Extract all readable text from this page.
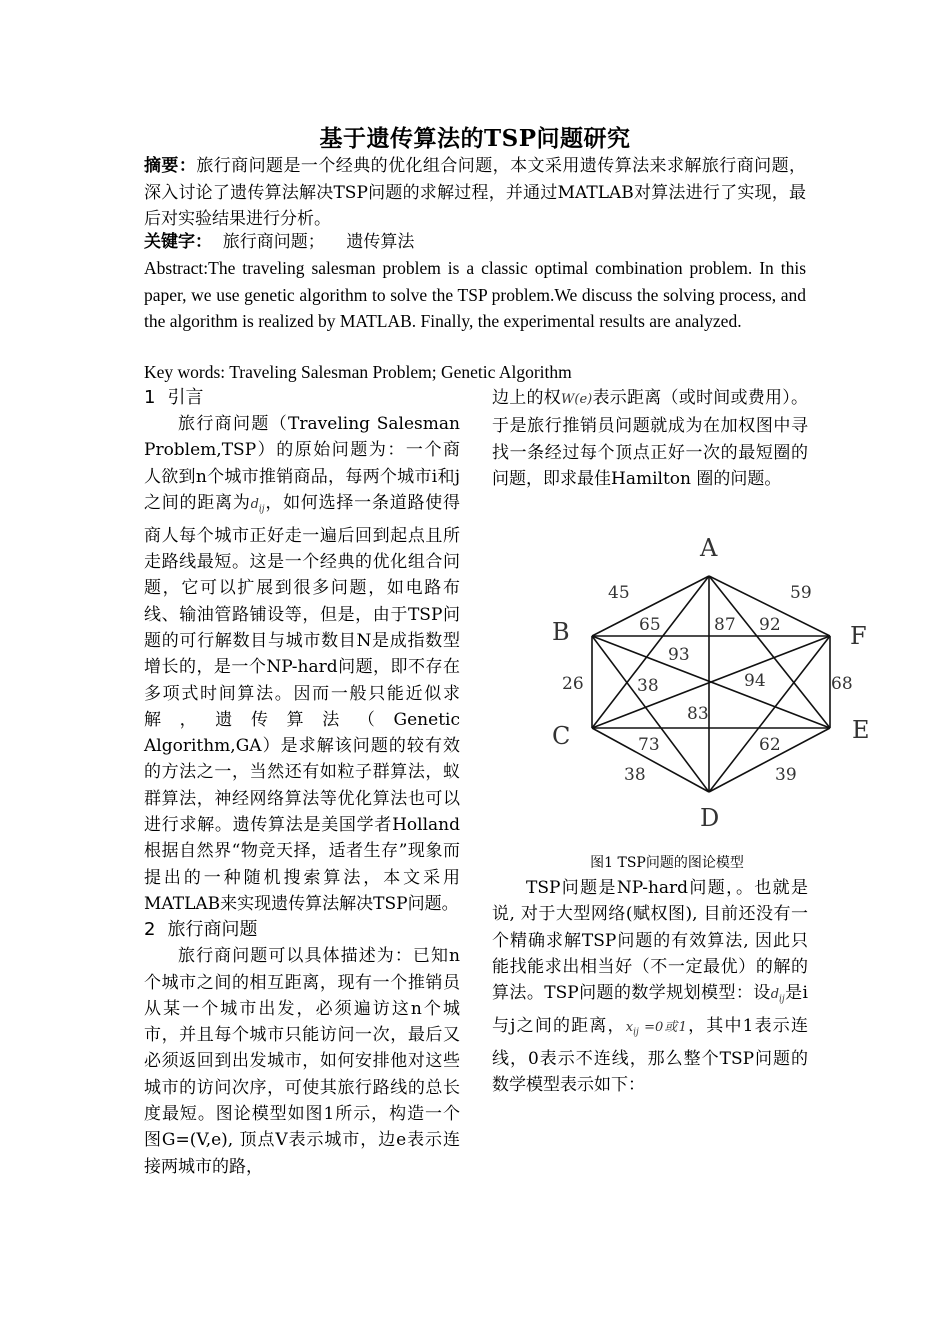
基于遗传算法的TSP问题研究
摘要：旅行商问题是一个经典的优化组合问题，本文采用遗传算法来求解旅行商问题，深入讨论了遗传算法解决TSP问题的求解过程，并通过MATLAB对算法进行了实现，最后对实验结果进行分析。
关键字：  旅行商问题；    遗传算法
Abstract:The traveling salesman problem is a classic optimal combination problem. In this paper, we use genetic algorithm to solve the TSP problem.We discuss the solving process, and the algorithm is realized by MATLAB. Finally, the experimental results are analyzed.
Key words: Traveling Salesman Problem; Genetic Algorithm
1 引言

旅行商问题（Traveling Salesman Problem,TSP）的原始问题为：一个商人欲到n个城市推销商品，每两个城市i和j之间的距离为$d_{ij}$，如何选择一条道路使得商人每个城市正好走一遍后回到起点且所走路线最短。这是一个经典的优化组合问题，它可以扩展到很多问题，如电路布线、输油管路铺设等，但是，由于TSP问题的可行解数目与城市数目N是成指数型增长的，是一个NP-hard问题，即不存在多项式时间算法。因而一般只能近似求解，遗传算法（Genetic Algorithm,GA）是求解该问题的较有效的方法之一，当然还有如粒子群算法，蚁群算法，神经网络算法等优化算法也可以进行求解。遗传算法是美国学者Holland根据自然界“物竞天择，适者生存”现象而提出的一种随机搜索算法，本文采用MATLAB来实现遗传算法解决TSP问题。

2 旅行商问题

旅行商问题可以具体描述为：已知n个城市之间的相互距离，现有一个推销员从某一个城市出发，必须遍访这n个城市，并且每个城市只能访问一次，最后又必须返回到出发城市，如何安排他对这些城市的访问次序，可使其旅行路线的总长度最短。图论模型如图1所示，构造一个图G=(V,e), 顶点V表示城市，边e表示连接两城市的路，

边上的权W(e)表示距离（或时间或费用）。于是旅行推销员问题就成为在加权图中寻找一条经过每个顶点正好一次的最短圈的问题，即求最佳Hamilton 圈的问题。

A
B	F
C	E
D
45	59
65	87 92
93
26	38	94	68
83
73	62
38	39
图1 TSP问题的图论模型

TSP问题是NP-hard问题，。也就是说, 对于大型网络(赋权图), 目前还没有一个精确求解TSP问题的有效算法, 因此只能找能求出相当好（不一定最优）的解的算法。TSP问题的数学规划模型：设$d_{ij}$是i与j之间的距离，$x_{ij} =0$或1，其中1表示连线，0表示不连线，那么整个TSP问题的数学模型表示如下：
